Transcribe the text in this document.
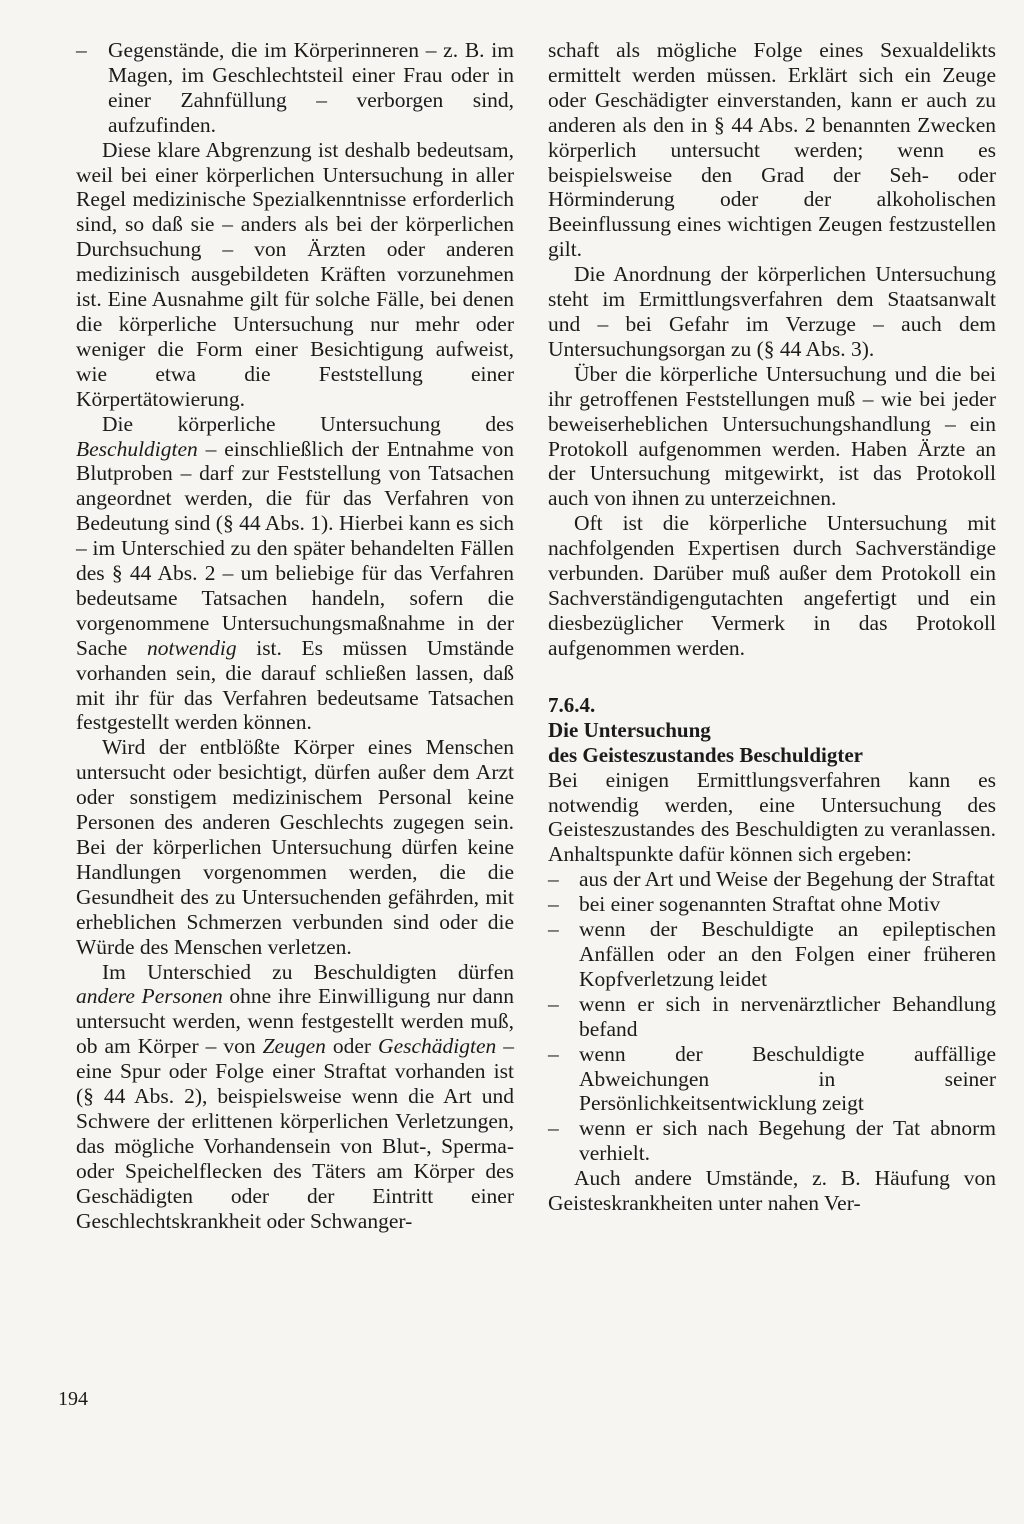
– Gegenstände, die im Körperinneren – z. B. im Magen, im Geschlechtsteil einer Frau oder in einer Zahnfüllung – verborgen sind, aufzufinden.

Diese klare Abgrenzung ist deshalb bedeutsam, weil bei einer körperlichen Untersuchung in aller Regel medizinische Spezialkenntnisse erforderlich sind, so daß sie – anders als bei der körperlichen Durchsuchung – von Ärzten oder anderen medizinisch ausgebildeten Kräften vorzunehmen ist. Eine Ausnahme gilt für solche Fälle, bei denen die körperliche Untersuchung nur mehr oder weniger die Form einer Besichtigung aufweist, wie etwa die Feststellung einer Körpertätowierung.

Die körperliche Untersuchung des Beschuldigten – einschließlich der Entnahme von Blutproben – darf zur Feststellung von Tatsachen angeordnet werden, die für das Verfahren von Bedeutung sind (§ 44 Abs. 1). Hierbei kann es sich – im Unterschied zu den später behandelten Fällen des § 44 Abs. 2 – um beliebige für das Verfahren bedeutsame Tatsachen handeln, sofern die vorgenommene Untersuchungsmaßnahme in der Sache notwendig ist. Es müssen Umstände vorhanden sein, die darauf schließen lassen, daß mit ihr für das Verfahren bedeutsame Tatsachen festgestellt werden können.

Wird der entblößte Körper eines Menschen untersucht oder besichtigt, dürfen außer dem Arzt oder sonstigem medizinischem Personal keine Personen des anderen Geschlechts zugegen sein. Bei der körperlichen Untersuchung dürfen keine Handlungen vorgenommen werden, die die Gesundheit des zu Untersuchenden gefährden, mit erheblichen Schmerzen verbunden sind oder die Würde des Menschen verletzen.

Im Unterschied zu Beschuldigten dürfen andere Personen ohne ihre Einwilligung nur dann untersucht werden, wenn festgestellt werden muß, ob am Körper – von Zeugen oder Geschädigten – eine Spur oder Folge einer Straftat vorhanden ist (§ 44 Abs. 2), beispielsweise wenn die Art und Schwere der erlittenen körperlichen Verletzungen, das mögliche Vorhandensein von Blut-, Sperma- oder Speichelflecken des Täters am Körper des Geschädigten oder der Eintritt einer Geschlechtskrankheit oder Schwanger-

schaft als mögliche Folge eines Sexualdelikts ermittelt werden müssen. Erklärt sich ein Zeuge oder Geschädigter einverstanden, kann er auch zu anderen als den in § 44 Abs. 2 benannten Zwecken körperlich untersucht werden; wenn es beispielsweise den Grad der Seh- oder Hörminderung oder der alkoholischen Beeinflussung eines wichtigen Zeugen festzustellen gilt.

Die Anordnung der körperlichen Untersuchung steht im Ermittlungsverfahren dem Staatsanwalt und – bei Gefahr im Verzuge – auch dem Untersuchungsorgan zu (§ 44 Abs. 3).

Über die körperliche Untersuchung und die bei ihr getroffenen Feststellungen muß – wie bei jeder beweiserheblichen Untersuchungshandlung – ein Protokoll aufgenommen werden. Haben Ärzte an der Untersuchung mitgewirkt, ist das Protokoll auch von ihnen zu unterzeichnen.

Oft ist die körperliche Untersuchung mit nachfolgenden Expertisen durch Sachverständige verbunden. Darüber muß außer dem Protokoll ein Sachverständigengutachten angefertigt und ein diesbezüglicher Vermerk in das Protokoll aufgenommen werden.

7.6.4.
Die Untersuchung
des Geisteszustandes Beschuldigter

Bei einigen Ermittlungsverfahren kann es notwendig werden, eine Untersuchung des Geisteszustandes des Beschuldigten zu veranlassen. Anhaltspunkte dafür können sich ergeben:

– aus der Art und Weise der Begehung der Straftat
– bei einer sogenannten Straftat ohne Motiv
– wenn der Beschuldigte an epileptischen Anfällen oder an den Folgen einer früheren Kopfverletzung leidet
– wenn er sich in nervenärztlicher Behandlung befand
– wenn der Beschuldigte auffällige Abweichungen in seiner Persönlichkeitsentwicklung zeigt
– wenn er sich nach Begehung der Tat abnorm verhielt.

Auch andere Umstände, z. B. Häufung von Geisteskrankheiten unter nahen Ver-

194
